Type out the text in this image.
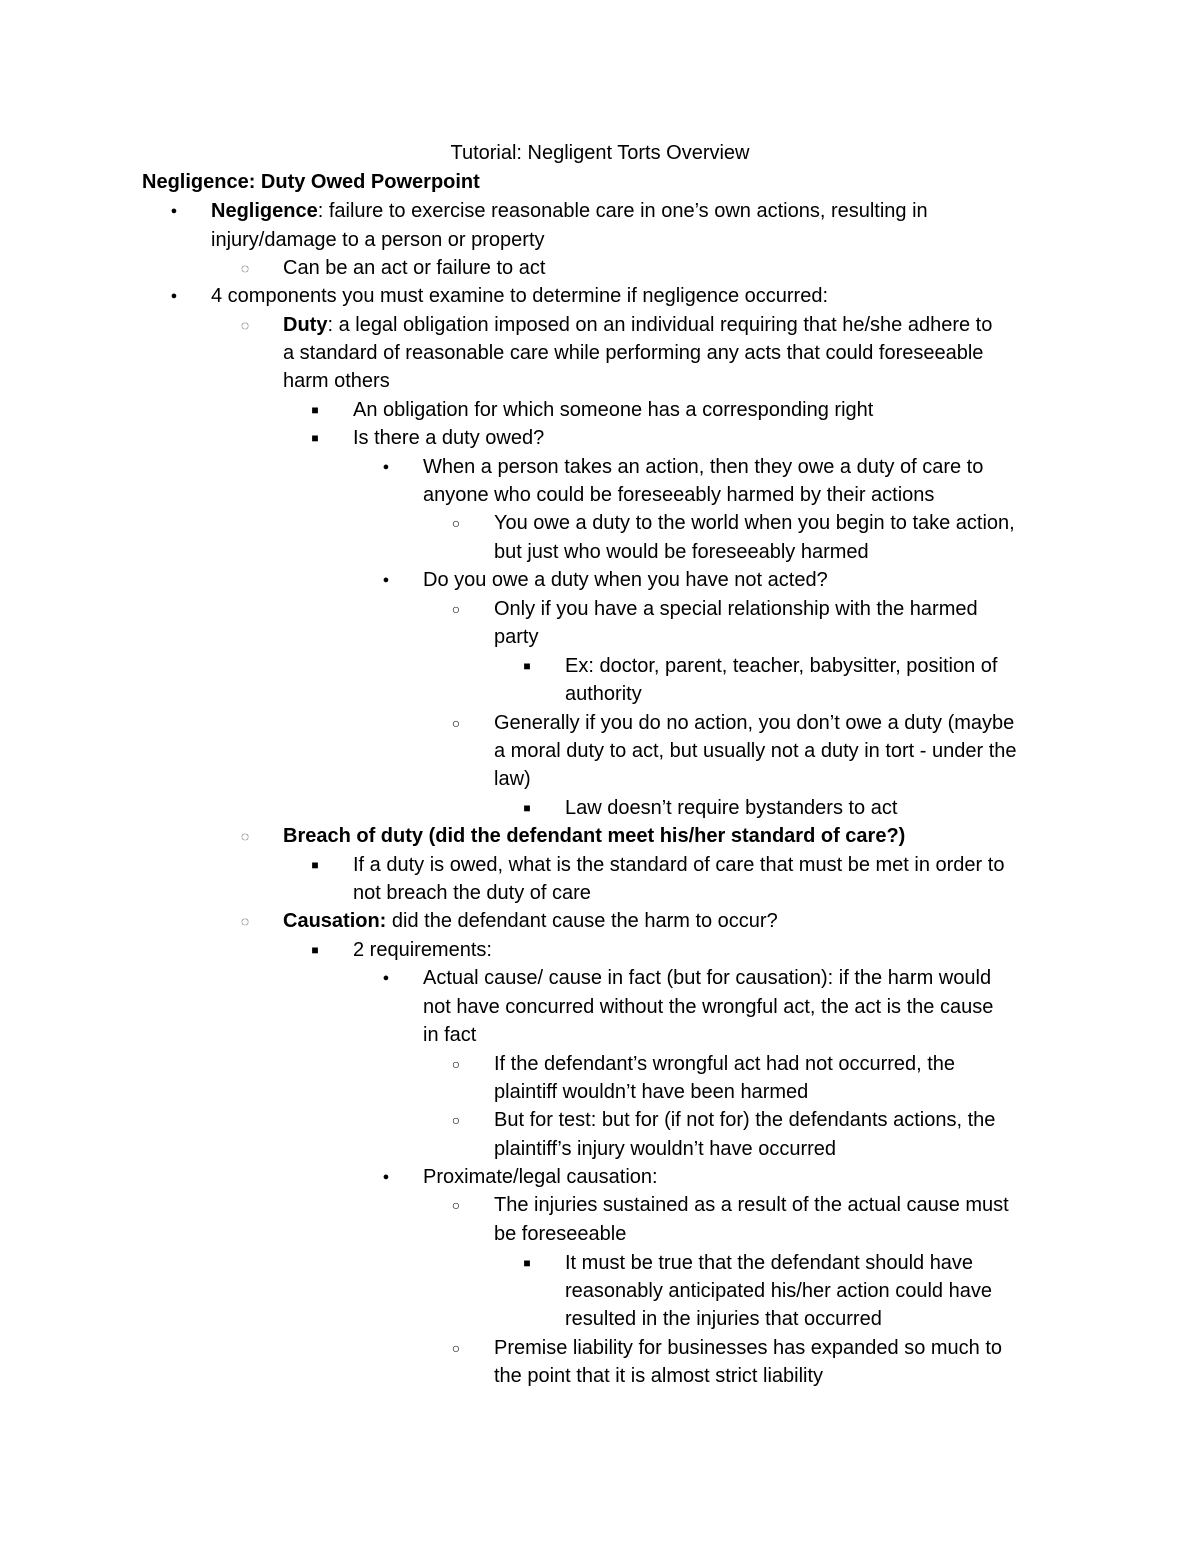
Tutorial: Negligent Torts Overview
Negligence: Duty Owed Powerpoint
●	Negligence: failure to exercise reasonable care in one’s own actions, resulting in
injury/damage to a person or property
◌ Can be an act or failure to act
●	4 components you must examine to determine if negligence occurred:
◌ Duty: a legal obligation imposed on an individual requiring that he/she adhere to
a standard of reasonable care while performing any acts that could foreseeable
harm others
■	An obligation for which someone has a corresponding right
■	Is there a duty owed?
●	When a person takes an action, then they owe a duty of care to
anyone who could be foreseeably harmed by their actions
○ You owe a duty to the world when you begin to take action,
but just who would be foreseeably harmed
●	Do you owe a duty when you have not acted?
○ Only if you have a special relationship with the harmed
party
■	Ex: doctor, parent, teacher, babysitter, position of
authority
○ Generally if you do no action, you don’t owe a duty (maybe
a moral duty to act, but usually not a duty in tort - under the
law)
■	Law doesn’t require bystanders to act
◌ Breach of duty (did the defendant meet his/her standard of care?)
■	If a duty is owed, what is the standard of care that must be met in order to
not breach the duty of care
◌ Causation: did the defendant cause the harm to occur?
■	2 requirements:
●	Actual cause/ cause in fact (but for causation): if the harm would
not have concurred without the wrongful act, the act is the cause
in fact
○ If the defendant’s wrongful act had not occurred, the
plaintiff wouldn’t have been harmed
○ But for test: but for (if not for) the defendants actions, the
plaintiff’s injury wouldn’t have occurred
●	Proximate/legal causation:
○ The injuries sustained as a result of the actual cause must
be foreseeable
■	It must be true that the defendant should have
reasonably anticipated his/her action could have
resulted in the injuries that occurred
○ Premise liability for businesses has expanded so much to
the point that it is almost strict liability
